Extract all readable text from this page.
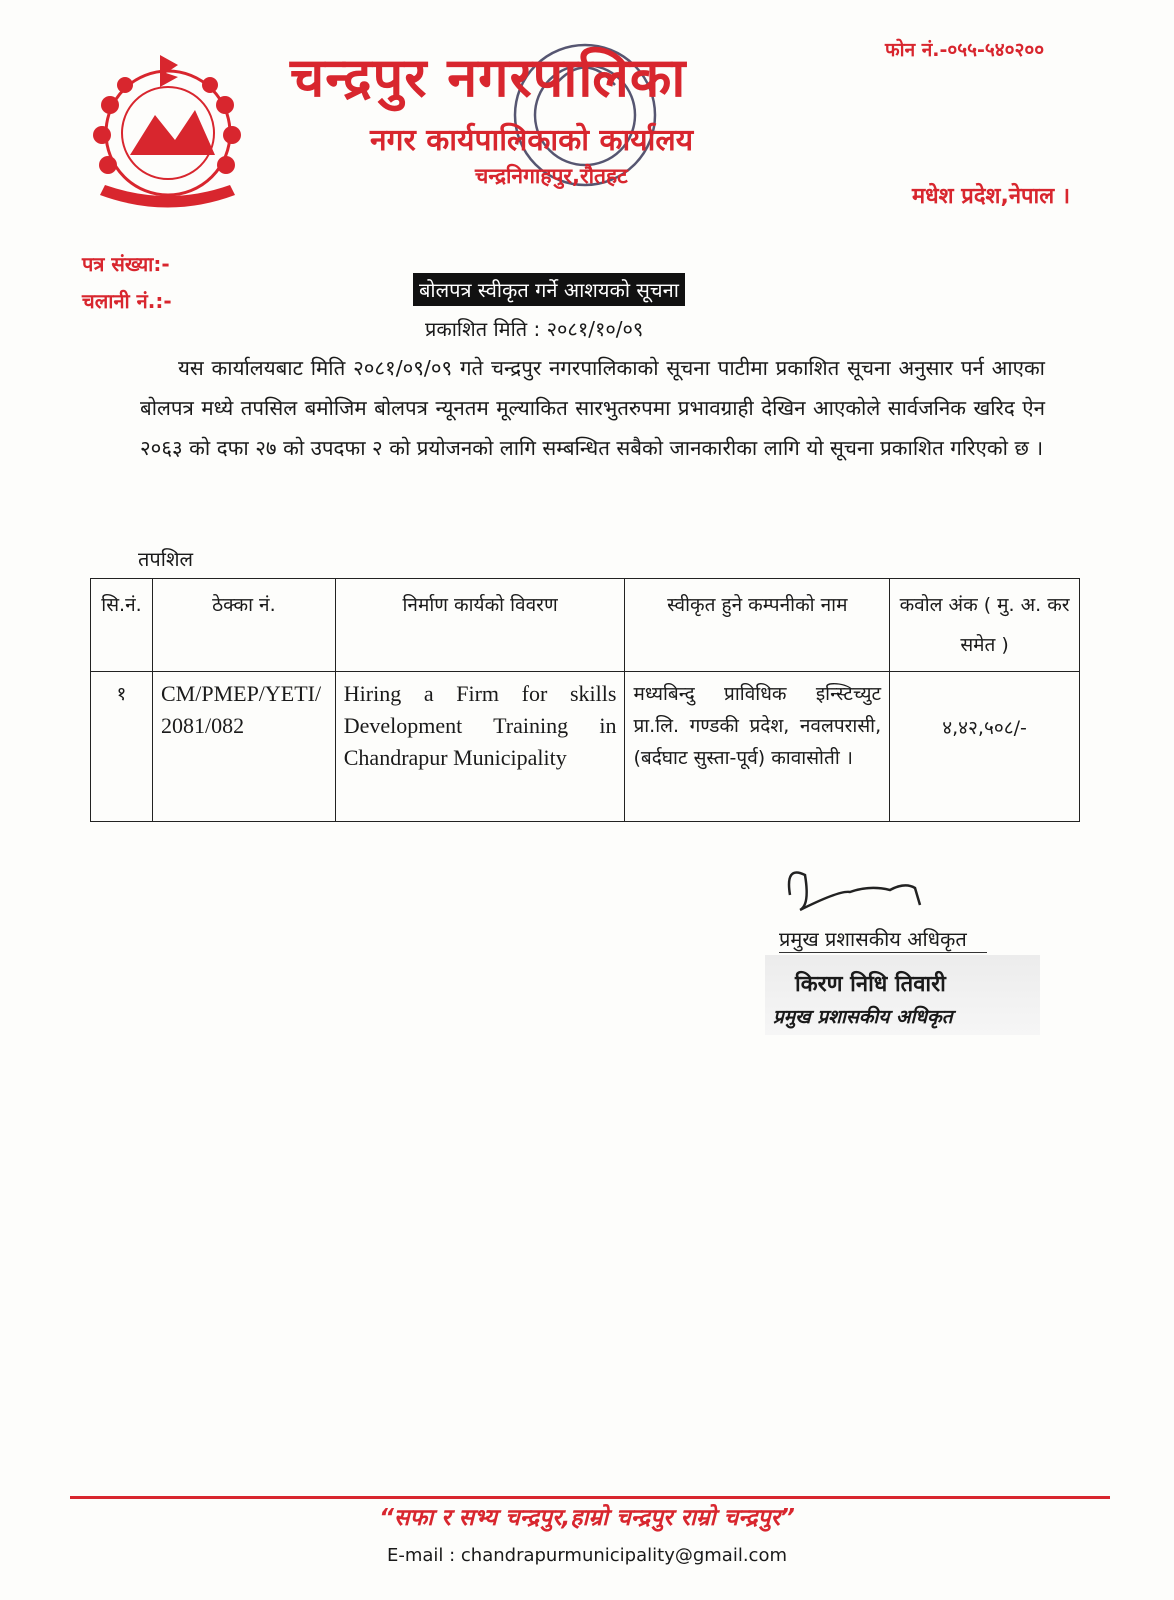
चन्द्रपुर नगरपालिका
नगर कार्यपालिकाको कार्यालय
चन्द्रनिगाहपुर,रौतहट
फोन नं.-०५५-५४०२००
मधेश प्रदेश,नेपाल ।
पत्र संख्या:-
चलानी नं.:-	बोलपत्र स्वीकृत गर्ने आशयको सूचना
प्रकाशित मिति : २०८१/१०/०९
यस कार्यालयबाट मिति २०८१/०९/०९ गते चन्द्रपुर नगरपालिकाको सूचना पाटीमा प्रकाशित सूचना अनुसार पर्न आएका बोलपत्र मध्ये तपसिल बमोजिम बोलपत्र न्यूनतम मूल्याकित सारभुतरुपमा प्रभावग्राही देखिन आएकोले सार्वजनिक खरिद ऐन २०६३ को दफा २७ को उपदफा २ को प्रयोजनको लागि सम्बन्धित सबैको जानकारीका लागि यो सूचना प्रकाशित गरिएको छ ।
तपशिल
सि.नं.	ठेक्का नं.	निर्माण कार्यको विवरण	स्वीकृत हुने कम्पनीको नाम	कवोल अंक ( मु. अ. कर समेत )
१	CM/PMEP/YETI/2081/082	Hiring a Firm for skills Development Training in Chandrapur Municipality	मध्यबिन्दु प्राविधिक इन्स्टिच्युट प्रा.लि. गण्डकी प्रदेश, नवलपरासी, (बर्दघाट सुस्ता-पूर्व) कावासोती ।	४,४२,५०८/-
प्रमुख प्रशासकीय अधिकृत
किरण निधि तिवारी
प्रमुख प्रशासकीय अधिकृत
“सफा र सभ्य चन्द्रपुर,हाम्रो चन्द्रपुर राम्रो चन्द्रपुर”
E-mail : chandrapurmunicipality@gmail.com
